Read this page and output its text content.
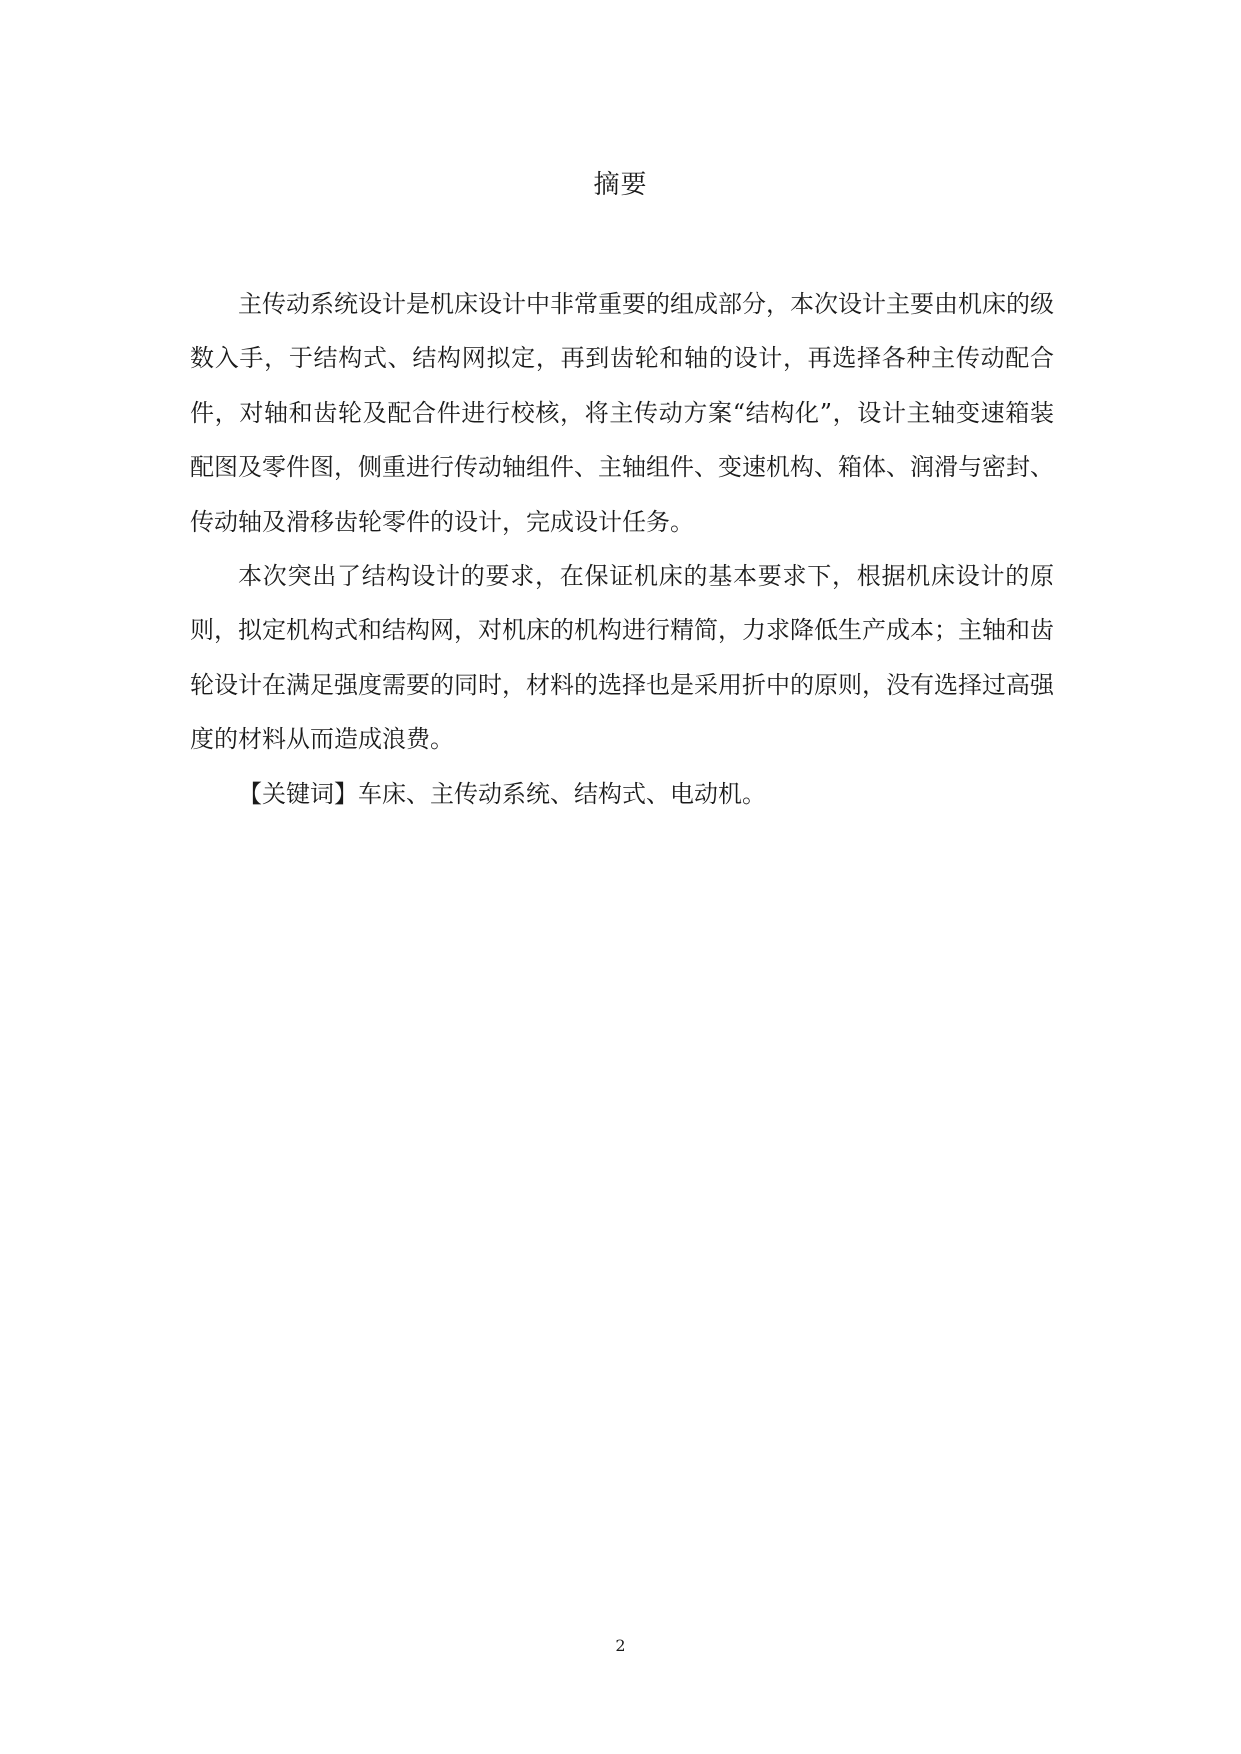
摘要

主传动系统设计是机床设计中非常重要的组成部分，本次设计主要由机床的级数入手，于结构式、结构网拟定，再到齿轮和轴的设计，再选择各种主传动配合件，对轴和齿轮及配合件进行校核，将主传动方案“结构化”，设计主轴变速箱装配图及零件图，侧重进行传动轴组件、主轴组件、变速机构、箱体、润滑与密封、传动轴及滑移齿轮零件的设计，完成设计任务。

本次突出了结构设计的要求，在保证机床的基本要求下，根据机床设计的原则，拟定机构式和结构网，对机床的机构进行精简，力求降低生产成本；主轴和齿轮设计在满足强度需要的同时，材料的选择也是采用折中的原则，没有选择过高强度的材料从而造成浪费。

【关键词】车床、主传动系统、结构式、电动机。

2
